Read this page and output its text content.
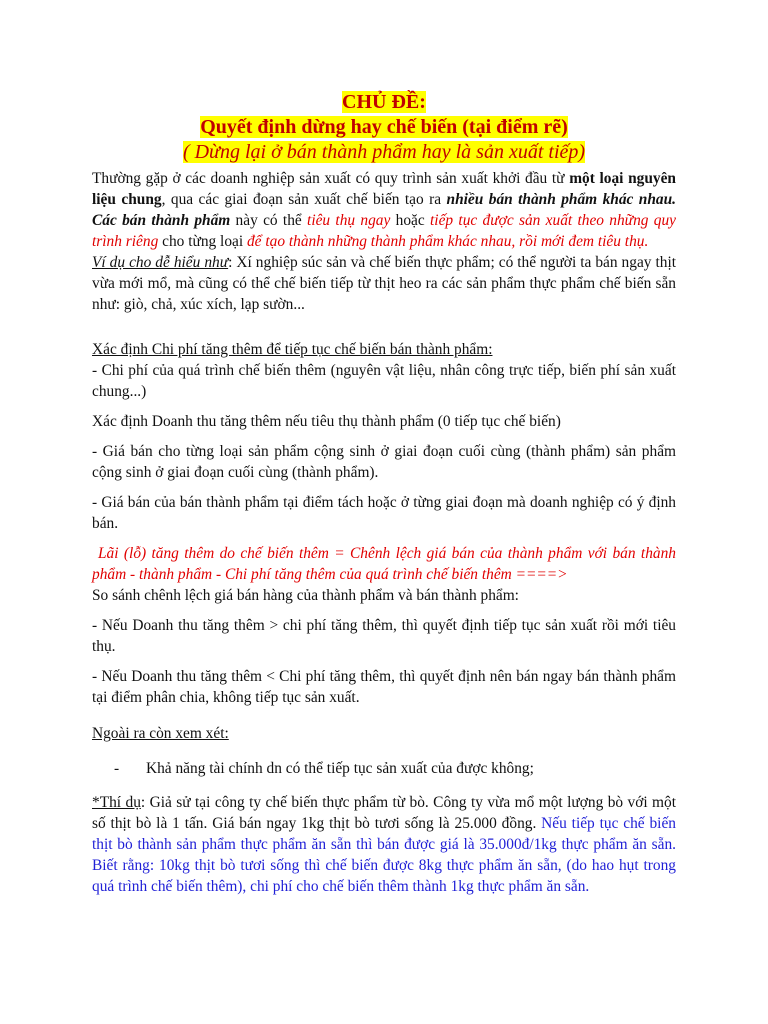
CHỦ ĐỀ:
Quyết định dừng hay chế biến (tại điểm rẽ)
( Dừng lại ở bán thành phẩm hay là sản xuất tiếp)

Thường gặp ở các doanh nghiệp sản xuất có quy trình sản xuất khởi đầu từ một loại nguyên liệu chung, qua các giai đoạn sản xuất chế biến tạo ra nhiều bán thành phẩm khác nhau. Các bán thành phẩm này có thể tiêu thụ ngay hoặc tiếp tục được sản xuất theo những quy trình riêng cho từng loại để tạo thành những thành phẩm khác nhau, rồi mới đem tiêu thụ.

Ví dụ cho dễ hiểu như: Xí nghiệp súc sản và chế biến thực phẩm; có thể người ta bán ngay thịt vừa mới mổ, mà cũng có thể chế biến tiếp từ thịt heo ra các sản phẩm thực phẩm chế biến sẵn như: giò, chả, xúc xích, lạp sườn...

Xác định Chi phí tăng thêm để tiếp tục chế biến bán thành phẩm:

- Chi phí của quá trình chế biến thêm (nguyên vật liệu, nhân công trực tiếp, biến phí sản xuất chung...)

Xác định Doanh thu tăng thêm nếu tiêu thụ thành phẩm (0 tiếp tục chế biến)

- Giá bán cho từng loại sản phẩm cộng sinh ở giai đoạn cuối cùng (thành phẩm) sản phẩm cộng sinh ở giai đoạn cuối cùng (thành phẩm).

- Giá bán của bán thành phẩm tại điểm tách hoặc ở từng giai đoạn mà doanh nghiệp có ý định bán.

Lãi (lỗ) tăng thêm do chế biến thêm = Chênh lệch giá bán của thành phẩm với bán thành phẩm - thành phẩm - Chi phí tăng thêm của quá trình chế biến thêm ====>

So sánh chênh lệch giá bán hàng của thành phẩm và bán thành phẩm:

- Nếu Doanh thu tăng thêm > chi phí tăng thêm, thì quyết định tiếp tục sản xuất rồi mới tiêu thụ.

- Nếu Doanh thu tăng thêm < Chi phí tăng thêm, thì quyết định nên bán ngay bán thành phẩm tại điểm phân chia, không tiếp tục sản xuất.

Ngoài ra còn xem xét:

-	Khả năng tài chính dn có thể tiếp tục sản xuất của được không;

*Thí dụ: Giả sử tại công ty chế biến thực phẩm từ bò. Công ty vừa mổ một lượng bò với một số thịt bò là 1 tấn. Giá bán ngay 1kg thịt bò tươi sống là 25.000 đồng. Nếu tiếp tục chế biến thịt bò thành sản phẩm thực phẩm ăn sẵn thì bán được giá là 35.000đ/1kg thực phẩm ăn sẵn. Biết rằng: 10kg thịt bò tươi sống thì chế biến được 8kg thực phẩm ăn sẵn, (do hao hụt trong quá trình chế biến thêm), chi phí cho chế biến thêm thành 1kg thực phẩm ăn sẵn.
